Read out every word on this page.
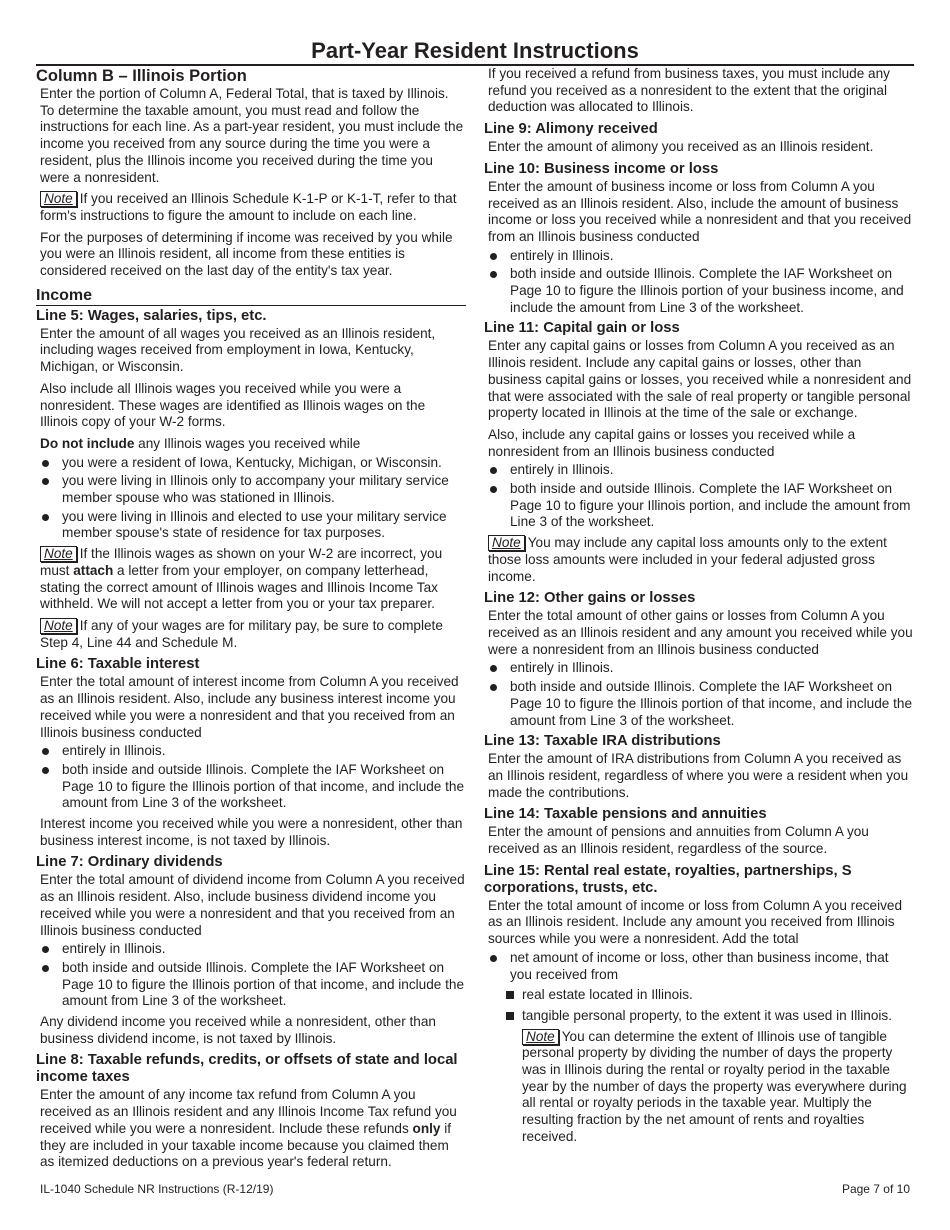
Part-Year Resident Instructions
Column B – Illinois Portion

Enter the portion of Column A, Federal Total, that is taxed by Illinois. To determine the taxable amount, you must read and follow the instructions for each line. As a part-year resident, you must include the income you received from any source during the time you were a resident, plus the Illinois income you received during the time you were a nonresident.

Note If you received an Illinois Schedule K-1-P or K-1-T, refer to that form's instructions to figure the amount to include on each line.

For the purposes of determining if income was received by you while you were an Illinois resident, all income from these entities is considered received on the last day of the entity's tax year.

Income
Line 5: Wages, salaries, tips, etc.

Enter the amount of all wages you received as an Illinois resident, including wages received from employment in Iowa, Kentucky, Michigan, or Wisconsin.

Also include all Illinois wages you received while you were a nonresident. These wages are identified as Illinois wages on the Illinois copy of your W-2 forms.

Do not include any Illinois wages you received while

you were a resident of Iowa, Kentucky, Michigan, or Wisconsin.
you were living in Illinois only to accompany your military service member spouse who was stationed in Illinois.
you were living in Illinois and elected to use your military service member spouse's state of residence for tax purposes.

Note If the Illinois wages as shown on your W-2 are incorrect, you must attach a letter from your employer, on company letterhead, stating the correct amount of Illinois wages and Illinois Income Tax withheld. We will not accept a letter from you or your tax preparer.

Note If any of your wages are for military pay, be sure to complete Step 4, Line 44 and Schedule M.

Line 6: Taxable interest

Enter the total amount of interest income from Column A you received as an Illinois resident. Also, include any business interest income you received while you were a nonresident and that you received from an Illinois business conducted

entirely in Illinois.
both inside and outside Illinois. Complete the IAF Worksheet on Page 10 to figure the Illinois portion of that income, and include the amount from Line 3 of the worksheet.

Interest income you received while you were a nonresident, other than business interest income, is not taxed by Illinois.

Line 7: Ordinary dividends

Enter the total amount of dividend income from Column A you received as an Illinois resident. Also, include business dividend income you received while you were a nonresident and that you received from an Illinois business conducted

entirely in Illinois.
both inside and outside Illinois. Complete the IAF Worksheet on Page 10 to figure the Illinois portion of that income, and include the amount from Line 3 of the worksheet.

Any dividend income you received while a nonresident, other than business dividend income, is not taxed by Illinois.

Line 8: Taxable refunds, credits, or offsets of state and local income taxes

Enter the amount of any income tax refund from Column A you received as an Illinois resident and any Illinois Income Tax refund you received while you were a nonresident. Include these refunds only if they are included in your taxable income because you claimed them as itemized deductions on a previous year's federal return.

If you received a refund from business taxes, you must include any refund you received as a nonresident to the extent that the original deduction was allocated to Illinois.

Line 9: Alimony received

Enter the amount of alimony you received as an Illinois resident.

Line 10: Business income or loss

Enter the amount of business income or loss from Column A you received as an Illinois resident. Also, include the amount of business income or loss you received while a nonresident and that you received from an Illinois business conducted

entirely in Illinois.
both inside and outside Illinois. Complete the IAF Worksheet on Page 10 to figure the Illinois portion of your business income, and include the amount from Line 3 of the worksheet.
Line 11: Capital gain or loss

Enter any capital gains or losses from Column A you received as an Illinois resident. Include any capital gains or losses, other than business capital gains or losses, you received while a nonresident and that were associated with the sale of real property or tangible personal property located in Illinois at the time of the sale or exchange.

Also, include any capital gains or losses you received while a nonresident from an Illinois business conducted

entirely in Illinois.
both inside and outside Illinois. Complete the IAF Worksheet on Page 10 to figure your Illinois portion, and include the amount from Line 3 of the worksheet.

Note You may include any capital loss amounts only to the extent those loss amounts were included in your federal adjusted gross income.

Line 12: Other gains or losses

Enter the total amount of other gains or losses from Column A you received as an Illinois resident and any amount you received while you were a nonresident from an Illinois business conducted

entirely in Illinois.
both inside and outside Illinois. Complete the IAF Worksheet on Page 10 to figure the Illinois portion of that income, and include the amount from Line 3 of the worksheet.
Line 13: Taxable IRA distributions

Enter the amount of IRA distributions from Column A you received as an Illinois resident, regardless of where you were a resident when you made the contributions.

Line 14: Taxable pensions and annuities

Enter the amount of pensions and annuities from Column A you received as an Illinois resident, regardless of the source.

Line 15: Rental real estate, royalties, partnerships, S corporations, trusts, etc.

Enter the total amount of income or loss from Column A you received as an Illinois resident. Include any amount you received from Illinois sources while you were a nonresident. Add the total

net amount of income or loss, other than business income, that you received from
real estate located in Illinois.
tangible personal property, to the extent it was used in Illinois.

Note You can determine the extent of Illinois use of tangible personal property by dividing the number of days the property was in Illinois during the rental or royalty period in the taxable year by the number of days the property was everywhere during all rental or royalty periods in the taxable year. Multiply the resulting fraction by the net amount of rents and royalties received.

IL-1040 Schedule NR Instructions (R-12/19)	Page 7 of 10
